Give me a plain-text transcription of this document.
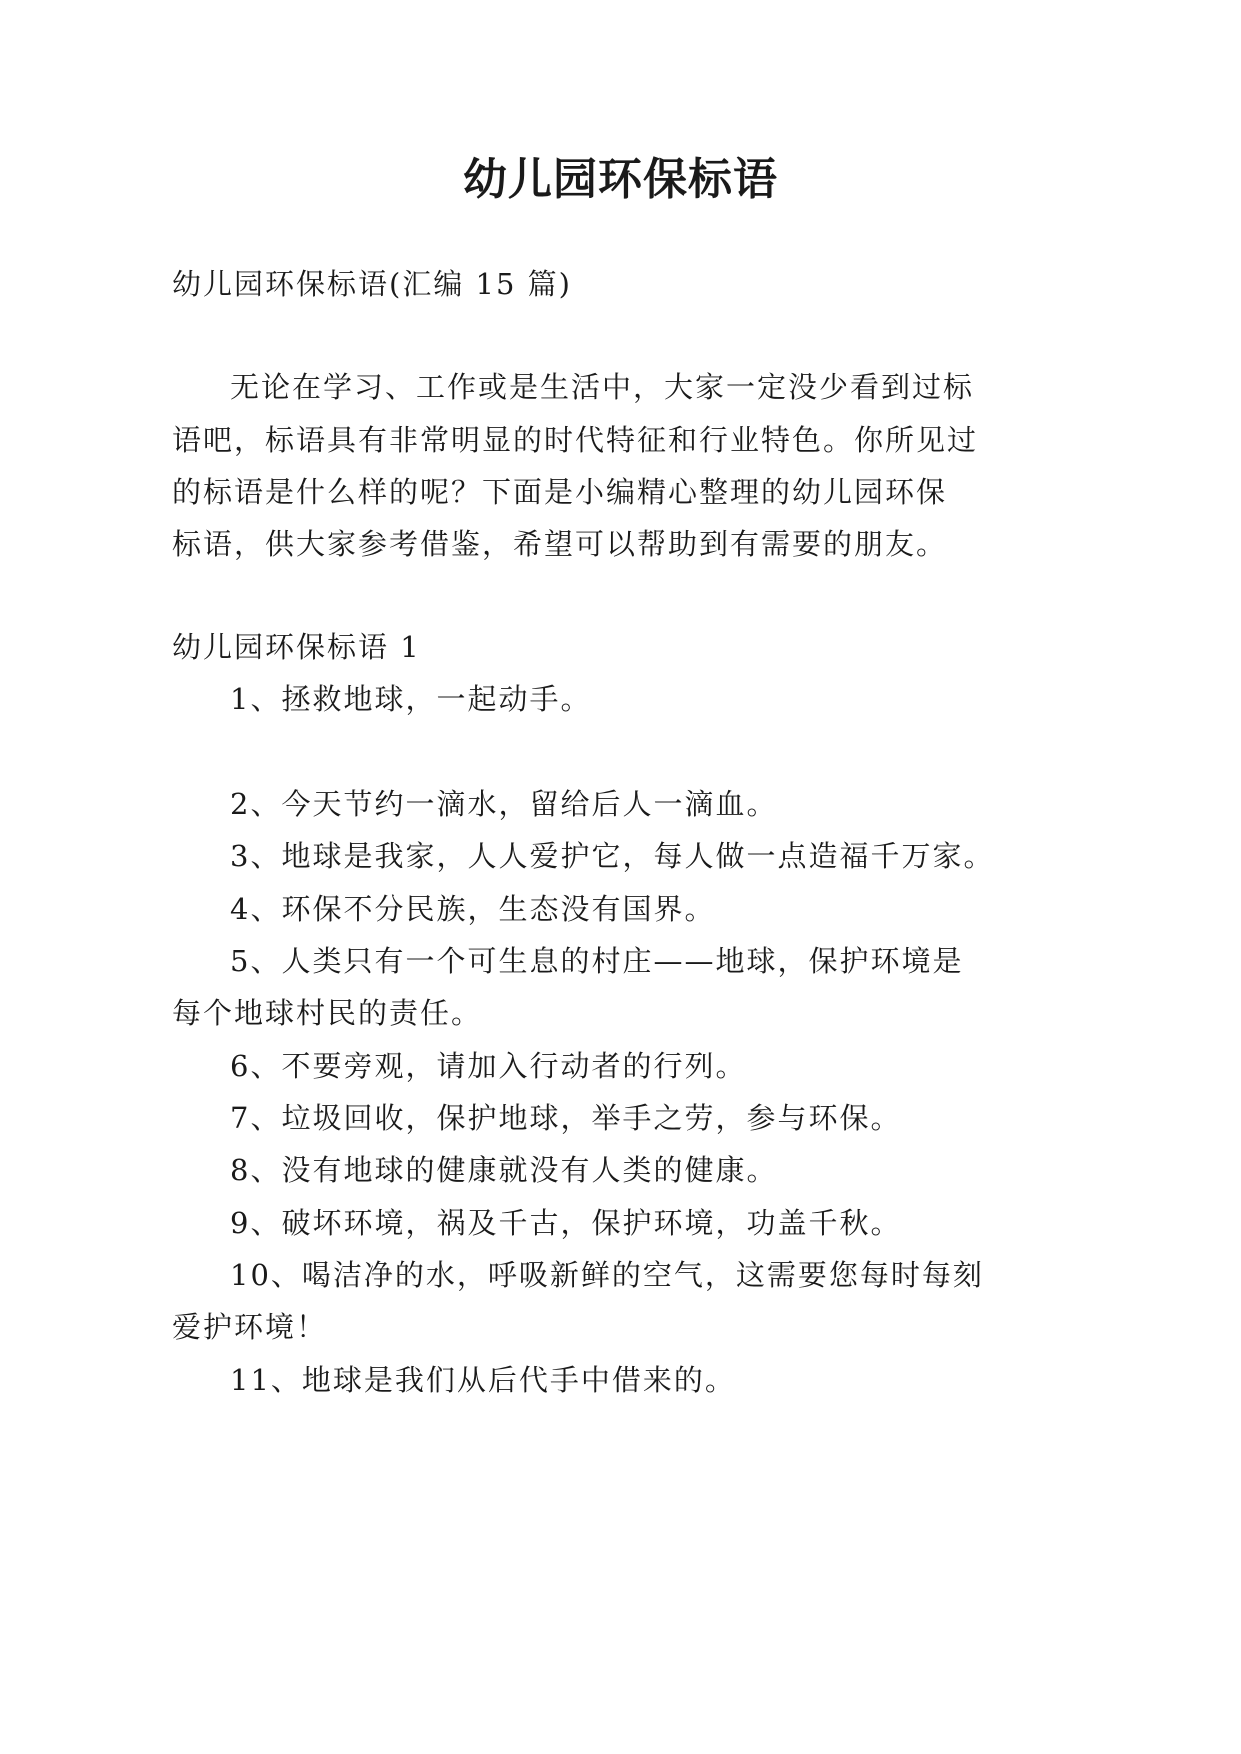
幼儿园环保标语
幼儿园环保标语(汇编 15 篇)
无论在学习、工作或是生活中，大家一定没少看到过标
语吧，标语具有非常明显的时代特征和行业特色。你所见过
的标语是什么样的呢？下面是小编精心整理的幼儿园环保
标语，供大家参考借鉴，希望可以帮助到有需要的朋友。
幼儿园环保标语 1
1、拯救地球，一起动手。
2、今天节约一滴水，留给后人一滴血。
3、地球是我家，人人爱护它，每人做一点造福千万家。
4、环保不分民族，生态没有国界。
5、人类只有一个可生息的村庄——地球，保护环境是
每个地球村民的责任。
6、不要旁观，请加入行动者的行列。
7、垃圾回收，保护地球，举手之劳，参与环保。
8、没有地球的健康就没有人类的健康。
9、破坏环境，祸及千古，保护环境，功盖千秋。
10、喝洁净的水，呼吸新鲜的空气，这需要您每时每刻
爱护环境！
11、地球是我们从后代手中借来的。
